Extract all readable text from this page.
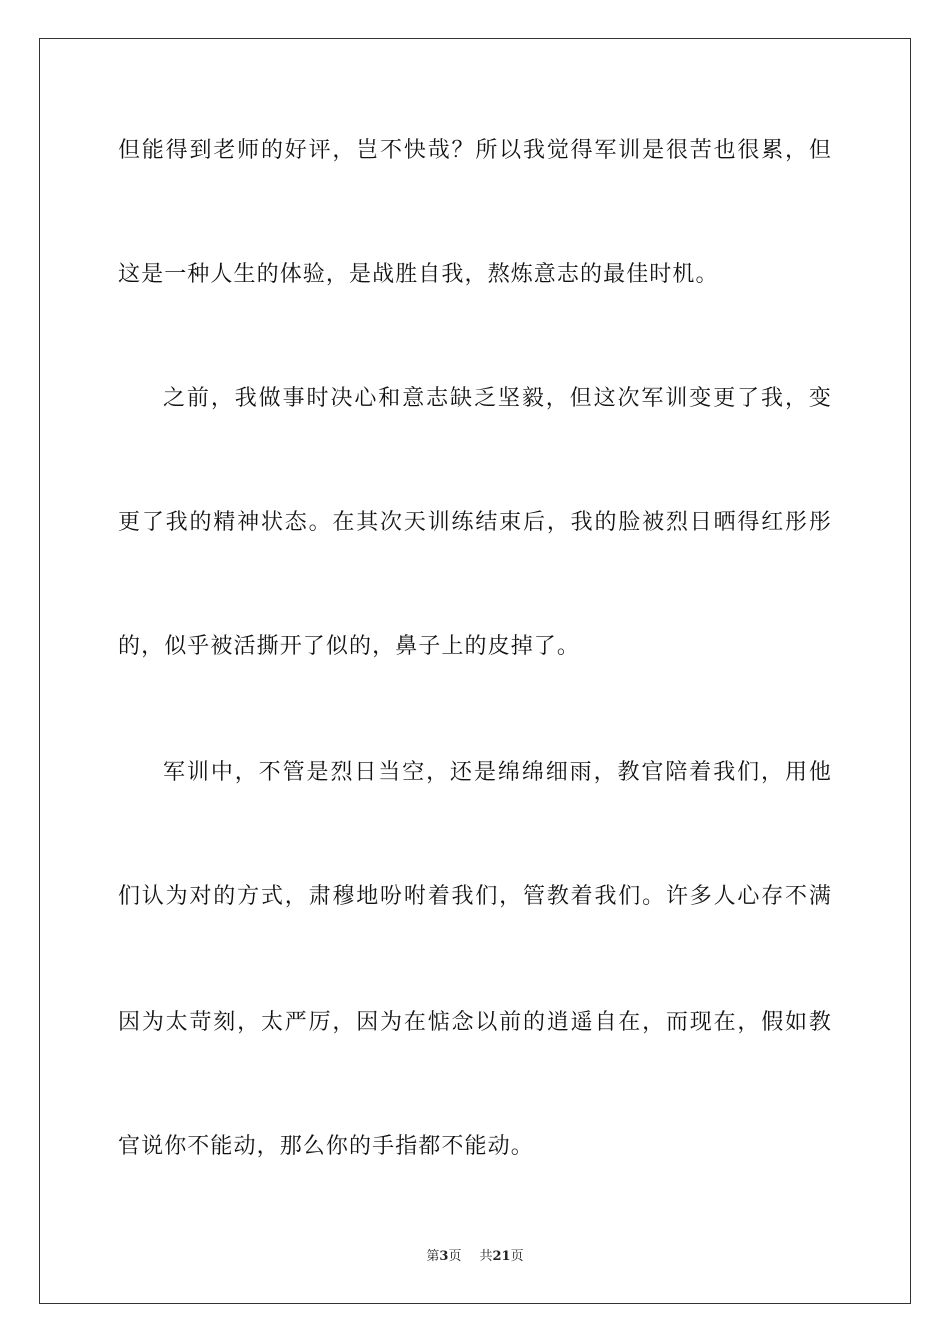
但能得到老师的好评，岂不快哉？所以我觉得军训是很苦也很累，但
这是一种人生的体验，是战胜自我，熬炼意志的最佳时机。
之前，我做事时决心和意志缺乏坚毅，但这次军训变更了我，变
更了我的精神状态。在其次天训练结束后，我的脸被烈日晒得红彤彤
的，似乎被活撕开了似的，鼻子上的皮掉了。
军训中，不管是烈日当空，还是绵绵细雨，教官陪着我们，用他
们认为对的方式，肃穆地吩咐着我们，管教着我们。许多人心存不满
因为太苛刻，太严厉，因为在惦念以前的逍遥自在，而现在，假如教
官说你不能动，那么你的手指都不能动。
第3页 共21页
